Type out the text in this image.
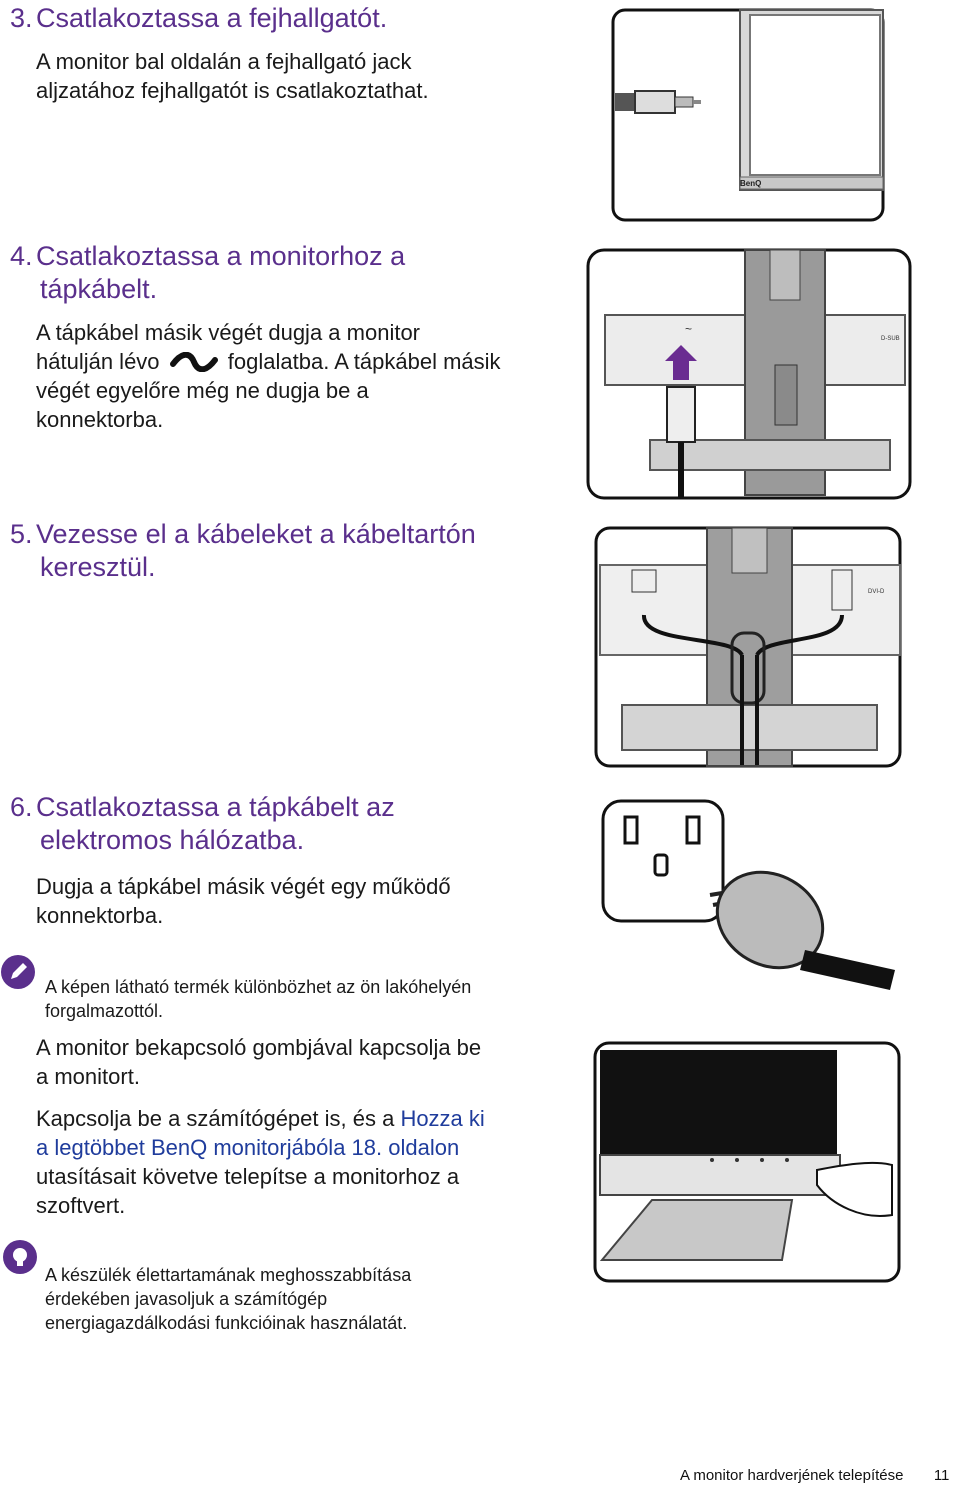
3. Csatlakoztassa a fejhallgatót.
A monitor bal oldalán a fejhallgató jack
aljzatához fejhallgatót is csatlakoztathat.
BenQ
4. Csatlakoztassa a monitorhoz a
tápkábelt.
A tápkábel másik végét dugja a monitor
hátulján lévo	foglalatba. A tápkábel másik
végét egyelőre még ne dugja be a
konnektorba.
~
D-SUB
5. Vezesse el a kábeleket a kábeltartón
keresztül.
DVI-D
6. Csatlakoztassa a tápkábelt az
elektromos hálózatba.
Dugja a tápkábel másik végét egy működő
konnektorba.
A képen látható termék különbözhet az ön lakóhelyén
forgalmazottól.
A monitor bekapcsoló gombjával kapcsolja be
a monitort.
Kapcsolja be a számítógépet is, és a Hozza ki
a legtöbbet BenQ monitorjábóla 18. oldalon
utasításait követve telepítse a monitorhoz a
szoftvert.
A készülék élettartamának meghosszabbítása
érdekében javasoljuk a számítógép
energiagazdálkodási funkcióinak használatát.
A monitor hardverjének telepítése 11
